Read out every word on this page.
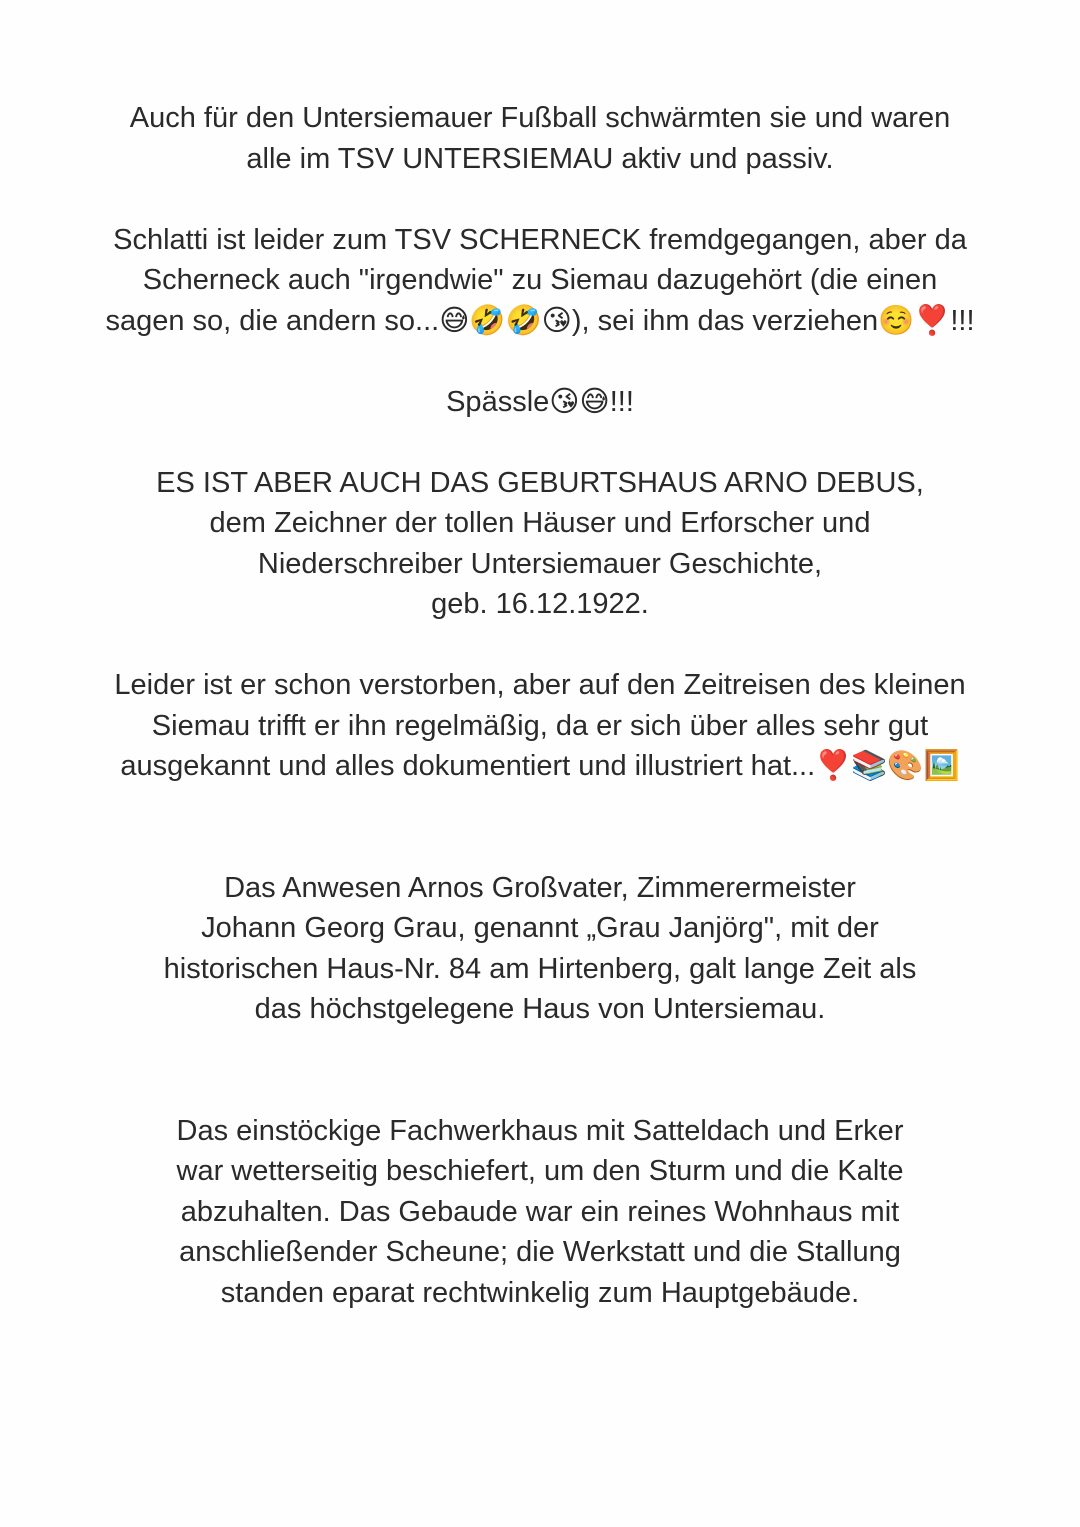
Auch für den Untersiemauer Fußball schwärmten sie und waren
alle im TSV UNTERSIEMAU aktiv und passiv.

Schlatti ist leider zum TSV SCHERNECK fremdgegangen, aber da
Scherneck auch "irgendwie" zu Siemau dazugehört (die einen
sagen so, die andern so...😅🤣🤣😘), sei ihm das verziehen☺️❣️!!!

Spässle😘😅!!!

ES IST ABER AUCH DAS GEBURTSHAUS ARNO DEBUS,
dem Zeichner der tollen Häuser und Erforscher und
Niederschreiber Untersiemauer Geschichte,
geb. 16.12.1922.

Leider ist er schon verstorben, aber auf den Zeitreisen des kleinen
Siemau trifft er ihn regelmäßig, da er sich über alles sehr gut
ausgekannt und alles dokumentiert und illustriert hat...❣️📚🎨🖼️

Das Anwesen Arnos Großvater, Zimmerermeister
Johann Georg Grau, genannt „Grau Janjörg", mit der
historischen Haus-Nr. 84 am Hirtenberg, galt lange Zeit als
das höchstgelegene Haus von Untersiemau.

Das einstöckige Fachwerkhaus mit Satteldach und Erker
war wetterseitig beschiefert, um den Sturm und die Kalte
abzuhalten. Das Gebaude war ein reines Wohnhaus mit
anschließender Scheune; die Werkstatt und die Stallung
standen eparat rechtwinkelig zum Hauptgebäude.
